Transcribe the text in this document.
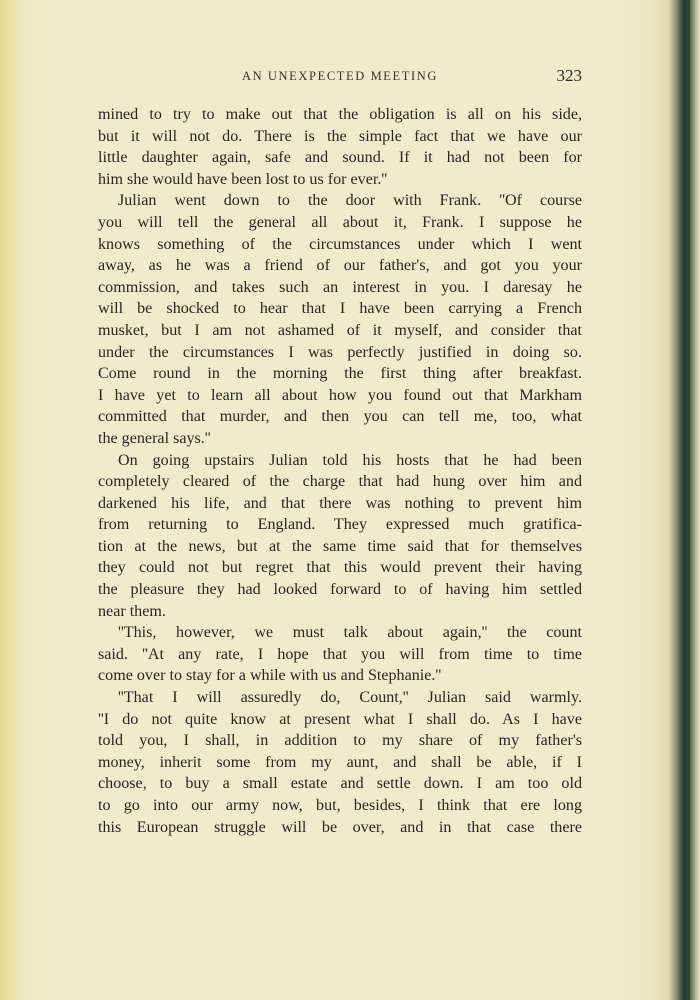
AN UNEXPECTED MEETING	323
mined to try to make out that the obligation is all on his side,
but it will not do. There is the simple fact that we have our
little daughter again, safe and sound. If it had not been for
him she would have been lost to us for ever.''
Julian went down to the door with Frank. ''Of course
you will tell the general all about it, Frank. I suppose he
knows something of the circumstances under which I went
away, as he was a friend of our father's, and got you your
commission, and takes such an interest in you. I daresay he
will be shocked to hear that I have been carrying a French
musket, but I am not ashamed of it myself, and consider that
under the circumstances I was perfectly justified in doing so.
Come round in the morning the first thing after breakfast.
I have yet to learn all about how you found out that Markham
committed that murder, and then you can tell me, too, what
the general says.''
On going upstairs Julian told his hosts that he had been
completely cleared of the charge that had hung over him and
darkened his life, and that there was nothing to prevent him
from returning to England. They expressed much gratifica-
tion at the news, but at the same time said that for themselves
they could not but regret that this would prevent their having
the pleasure they had looked forward to of having him settled
near them.
''This, however, we must talk about again,'' the count
said. ''At any rate, I hope that you will from time to time
come over to stay for a while with us and Stephanie.''
''That I will assuredly do, Count,'' Julian said warmly.
''I do not quite know at present what I shall do. As I have
told you, I shall, in addition to my share of my father's
money, inherit some from my aunt, and shall be able, if I
choose, to buy a small estate and settle down. I am too old
to go into our army now, but, besides, I think that ere long
this European struggle will be over, and in that case there
